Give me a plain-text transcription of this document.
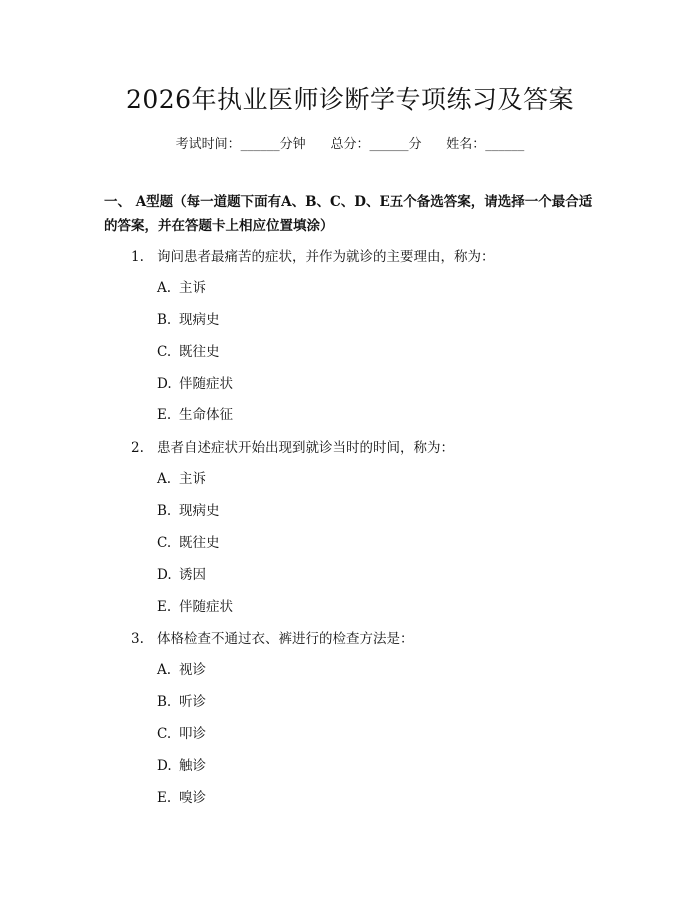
2026年执业医师诊断学专项练习及答案
考试时间：______分钟 总分：______分 姓名：______
一、 A型题（每一道题下面有A、B、C、D、E五个备选答案，请选择一个最合适的答案，并在答题卡上相应位置填涂）
1. 询问患者最痛苦的症状，并作为就诊的主要理由，称为：
A. 主诉
B. 现病史
C. 既往史
D. 伴随症状
E. 生命体征
2. 患者自述症状开始出现到就诊当时的时间，称为：
A. 主诉
B. 现病史
C. 既往史
D. 诱因
E. 伴随症状
3. 体格检查不通过衣、裤进行的检查方法是：
A. 视诊
B. 听诊
C. 叩诊
D. 触诊
E. 嗅诊
